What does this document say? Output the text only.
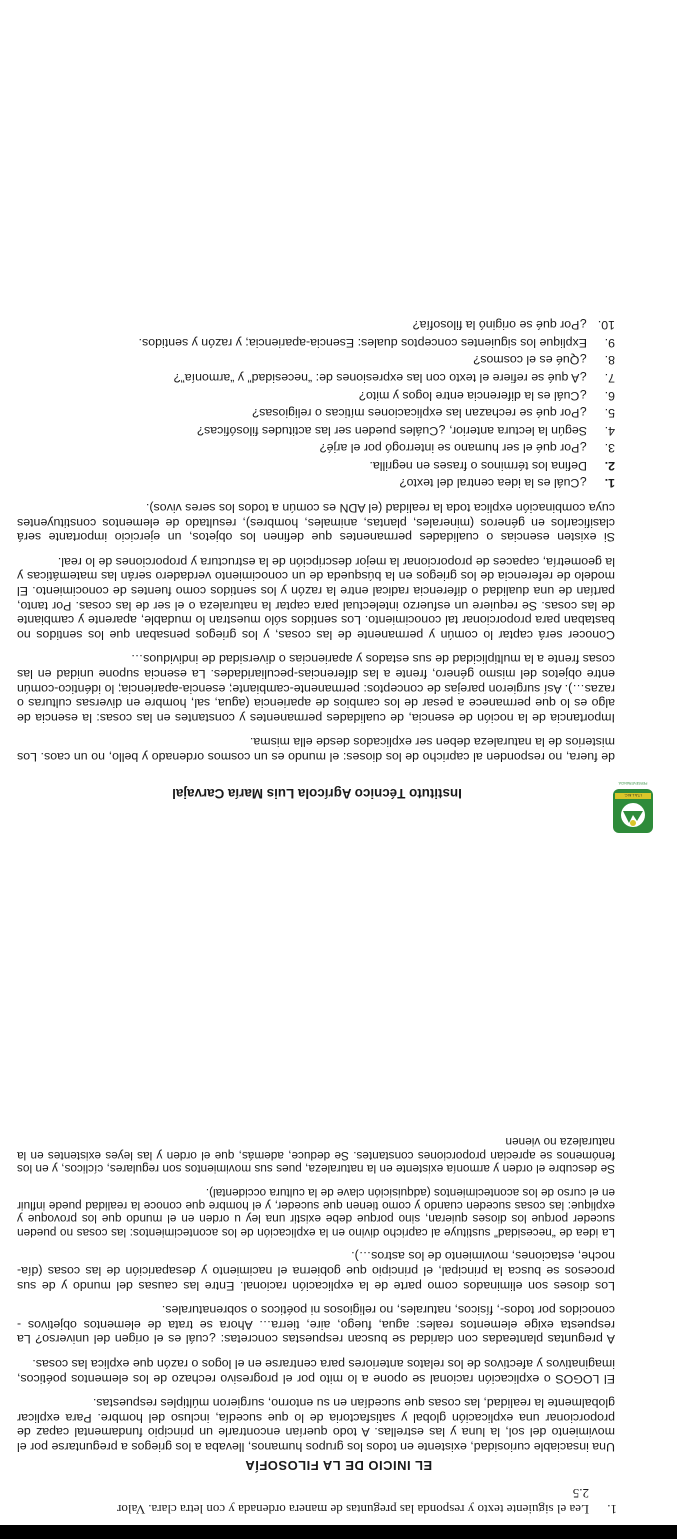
1.Lea el siguiente texto y responda las preguntas de manera ordenada y con letra clara. Valor
2.5
EL INICIO DE LA FILOSOFÍA

Una insaciable curiosidad, existente en todos los grupos humanos, llevaba a los griegos a preguntarse por el movimiento del sol, la luna y las estrellas. A todo querían encontrarle un principio fundamental capaz de proporcionar una explicación global y satisfactoria de lo que sucedía, incluso del hombre. Para explicar globalmente la realidad, las cosas que sucedían en su entorno, surgieron múltiples respuestas.

El LOGOS o explicación racional se opone a lo mito por el progresivo rechazo de los elementos poéticos, imaginativos y afectivos de los relatos anteriores para centrarse en el logos o razón que explica las cosas.

A preguntas planteadas con claridad se buscan respuestas concretas: ¿cuál es el origen del universo? La respuesta exige elementos reales: agua, fuego, aire, tierra… Ahora se trata de elementos objetivos -conocidos por todos-, físicos, naturales, no religiosos ni poéticos o sobrenaturales.

Los dioses son eliminados como parte de la explicación racional. Entre las causas del mundo y de sus procesos se busca la principal, el principio que gobierna el nacimiento y desaparición de las cosas (día-noche, estaciones, movimiento de los astros…).

La idea de “necesidad” sustituye al capricho divino en la explicación de los acontecimientos: las cosas no pueden suceder porque los dioses quieran, sino porque debe existir una ley u orden en el mundo que los provoque y explique: las cosas suceden cuando y como tienen que suceder, y el hombre que conoce la realidad puede influir en el curso de los acontecimientos (adquisición clave de la cultura occidental).

Se descubre el orden y armonía existente en la naturaleza, pues sus movimientos son regulares, cíclicos, y en los fenómenos se aprecian proporciones constantes. Se deduce, además, que el orden y las leyes existentes en la naturaleza no vienen

I.T.A.L.M.C.
PERSEVERANCIA
Instituto Técnico Agrícola Luis María Carvajal

de fuera, no responden al capricho de los dioses: el mundo es un cosmos ordenado y bello, no un caos. Los misterios de la naturaleza deben ser explicados desde ella misma.

Importancia de la noción de esencia, de cualidades permanentes y constantes en las cosas: la esencia de algo es lo que permanece a pesar de los cambios de apariencia (agua, sal, hombre en diversas culturas o razas…). Así surgieron parejas de conceptos: permanente-cambiante; esencia-apariencia; lo idéntico-común entre objetos del mismo género, frente a las diferencias-peculiaridades. La esencia supone unidad en las cosas frente a la multiplicidad de sus estados y apariencias o diversidad de individuos…

Conocer será captar lo común y permanente de las cosas, y los griegos pensaban que los sentidos no bastaban para proporcionar tal conocimiento. Los sentidos sólo muestran lo mudable, aparente y cambiante de las cosas. Se requiere un esfuerzo intelectual para captar la naturaleza o el ser de las cosas. Por tanto, partían de una dualidad o diferencia radical entre la razón y los sentidos como fuentes de conocimiento. El modelo de referencia de los griegos en la búsqueda de un conocimiento verdadero serán las matemáticas y la geometría, capaces de proporcionar la mejor descripción de la estructura y proporciones de lo real.

Si existen esencias o cualidades permanentes que definen los objetos, un ejercicio importante será clasificarlos en géneros (minerales, plantas, animales, hombres), resultado de elementos constituyentes cuya combinación explica toda la realidad (el ADN es común a todos los seres vivos).

1.
¿Cuál es la idea central del texto?
2.
Defina los términos o frases en negrilla.
3.
¿Por qué el ser humano se interrogó por el arjé?
4.
Según la lectura anterior, ¿Cuáles pueden ser las actitudes filosóficas?
5.
¿Por qué se rechazan las explicaciones míticas o religiosas?
6.
¿Cuál es la diferencia entre logos y mito?
7.
¿A qué se refiere el texto con las expresiones de: “necesidad” y “armonía”?
8.
¿Qué es el cosmos?
9.
Explique los siguientes conceptos duales: Esencia-apariencia; y razón y sentidos.
10.
¿Por qué se originó la filosofía?
